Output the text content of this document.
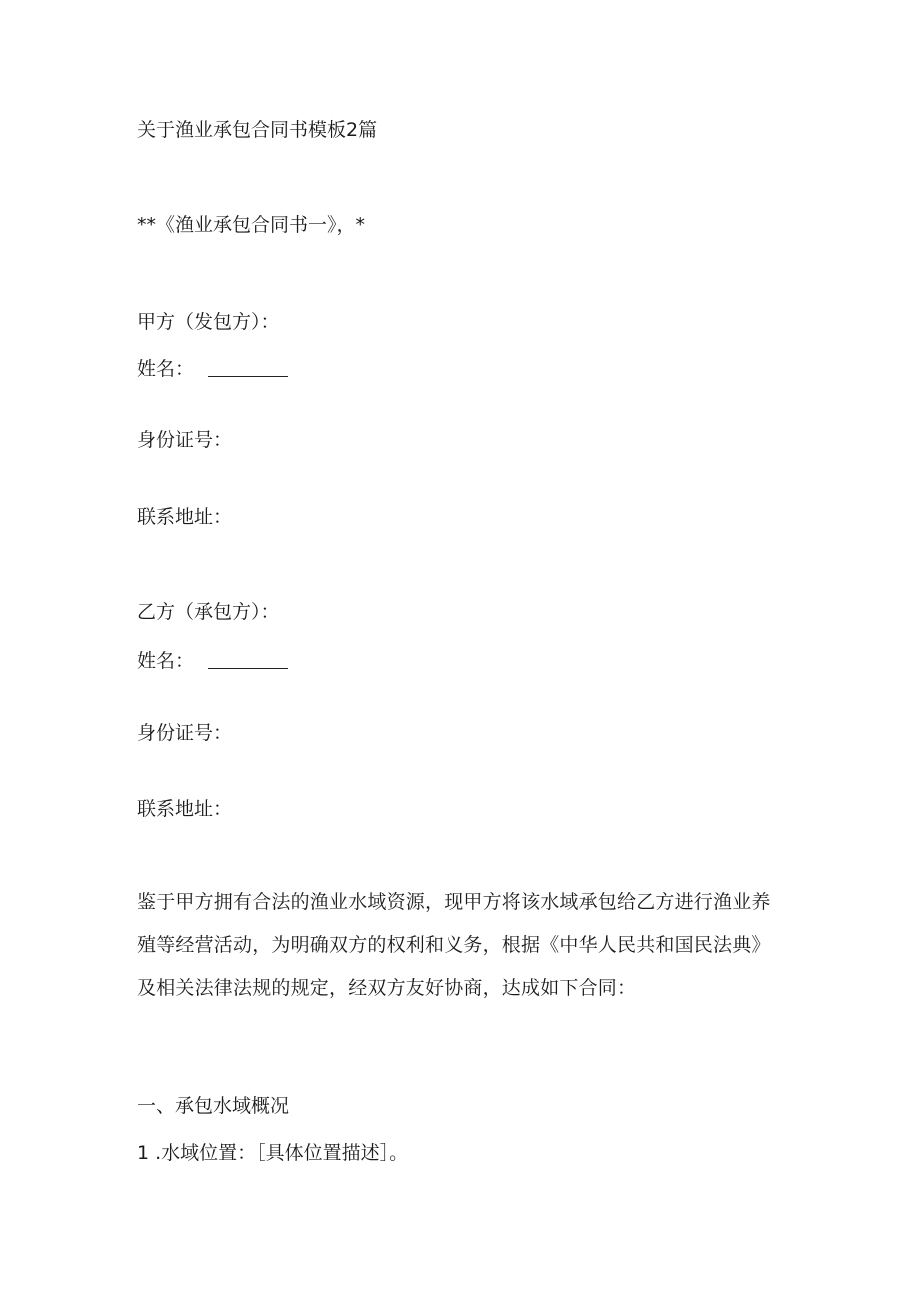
关于渔业承包合同书模板2篇
**《渔业承包合同书一》，*
甲方（发包方）：
姓名：
身份证号：
联系地址：
乙方（承包方）：
姓名：
身份证号：
联系地址：
鉴于甲方拥有合法的渔业水域资源，现甲方将该水域承包给乙方进行渔业养殖等经营活动，为明确双方的权利和义务，根据《中华人民共和国民法典》及相关法律法规的规定，经双方友好协商，达成如下合同：
一、承包水域概况
1 .水域位置：［具体位置描述］。
